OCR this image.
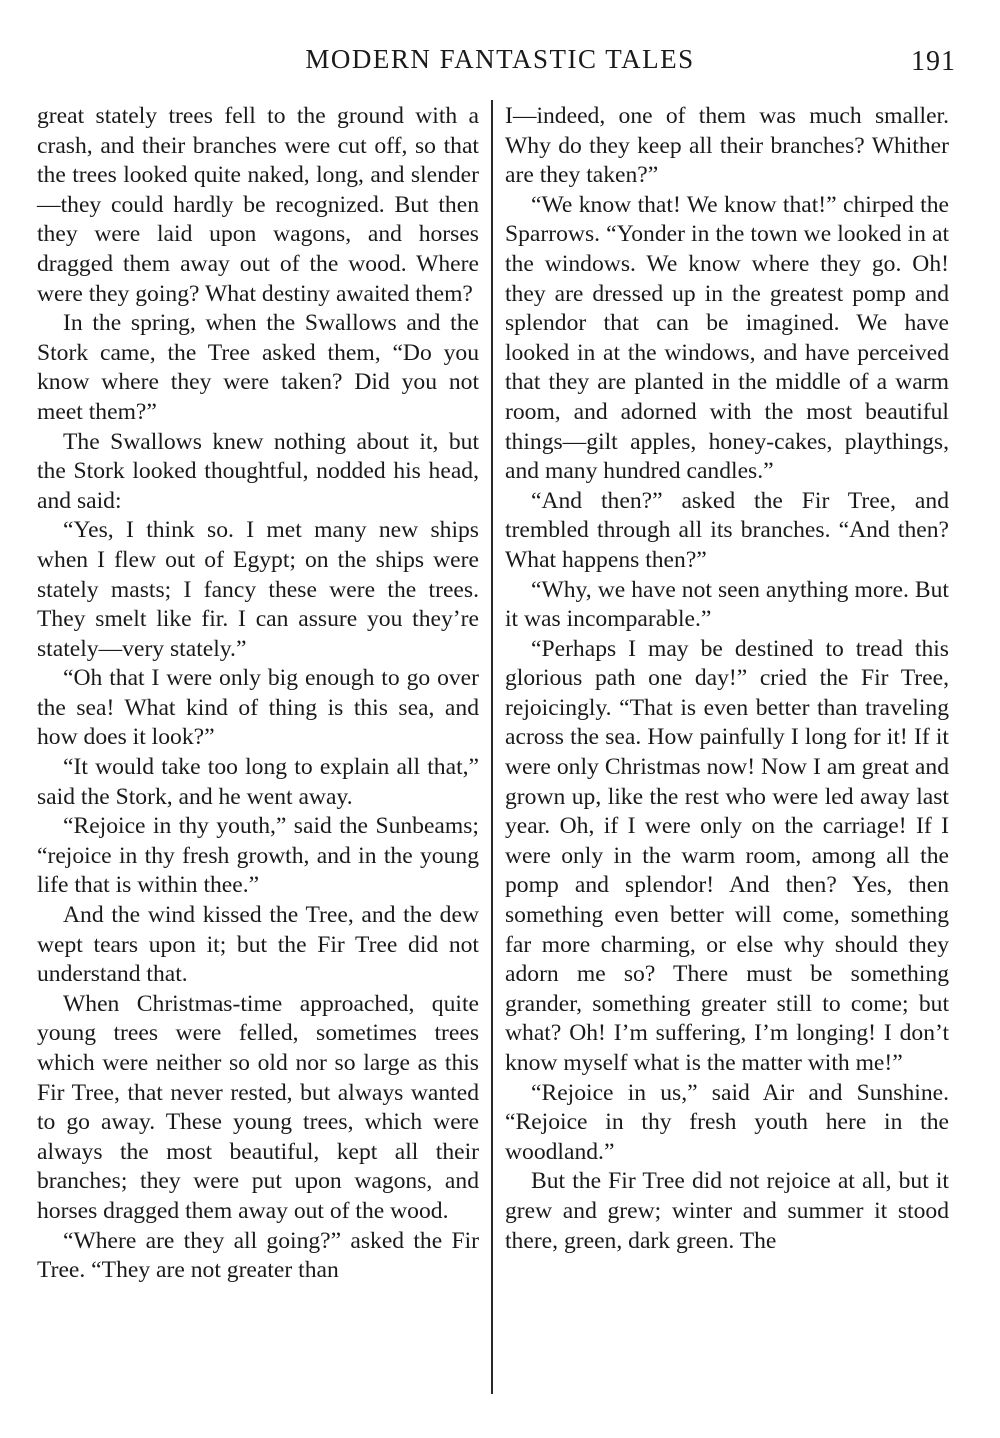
MODERN FANTASTIC TALES	191

great stately trees fell to the ground with a crash, and their branches were cut off, so that the trees looked quite naked, long, and slender—they could hardly be recognized. But then they were laid upon wagons, and horses dragged them away out of the wood. Where were they going? What destiny awaited them?

In the spring, when the Swallows and the Stork came, the Tree asked them, “Do you know where they were taken? Did you not meet them?”

The Swallows knew nothing about it, but the Stork looked thoughtful, nodded his head, and said:

“Yes, I think so. I met many new ships when I flew out of Egypt; on the ships were stately masts; I fancy these were the trees. They smelt like fir. I can assure you they’re stately—very stately.”

“Oh that I were only big enough to go over the sea! What kind of thing is this sea, and how does it look?”

“It would take too long to explain all that,” said the Stork, and he went away.

“Rejoice in thy youth,” said the Sunbeams; “rejoice in thy fresh growth, and in the young life that is within thee.”

And the wind kissed the Tree, and the dew wept tears upon it; but the Fir Tree did not understand that.

When Christmas-time approached, quite young trees were felled, sometimes trees which were neither so old nor so large as this Fir Tree, that never rested, but always wanted to go away. These young trees, which were always the most beautiful, kept all their branches; they were put upon wagons, and horses dragged them away out of the wood.

“Where are they all going?” asked the Fir Tree. “They are not greater than

I—indeed, one of them was much smaller. Why do they keep all their branches? Whither are they taken?”

“We know that! We know that!” chirped the Sparrows. “Yonder in the town we looked in at the windows. We know where they go. Oh! they are dressed up in the greatest pomp and splendor that can be imagined. We have looked in at the windows, and have perceived that they are planted in the middle of a warm room, and adorned with the most beautiful things—gilt apples, honey-cakes, playthings, and many hundred candles.”

“And then?” asked the Fir Tree, and trembled through all its branches. “And then? What happens then?”

“Why, we have not seen anything more. But it was incomparable.”

“Perhaps I may be destined to tread this glorious path one day!” cried the Fir Tree, rejoicingly. “That is even better than traveling across the sea. How painfully I long for it! If it were only Christmas now! Now I am great and grown up, like the rest who were led away last year. Oh, if I were only on the carriage! If I were only in the warm room, among all the pomp and splendor! And then? Yes, then something even better will come, something far more charming, or else why should they adorn me so? There must be something grander, something greater still to come; but what? Oh! I’m suffering, I’m longing! I don’t know myself what is the matter with me!”

“Rejoice in us,” said Air and Sunshine. “Rejoice in thy fresh youth here in the woodland.”

But the Fir Tree did not rejoice at all, but it grew and grew; winter and summer it stood there, green, dark green. The
